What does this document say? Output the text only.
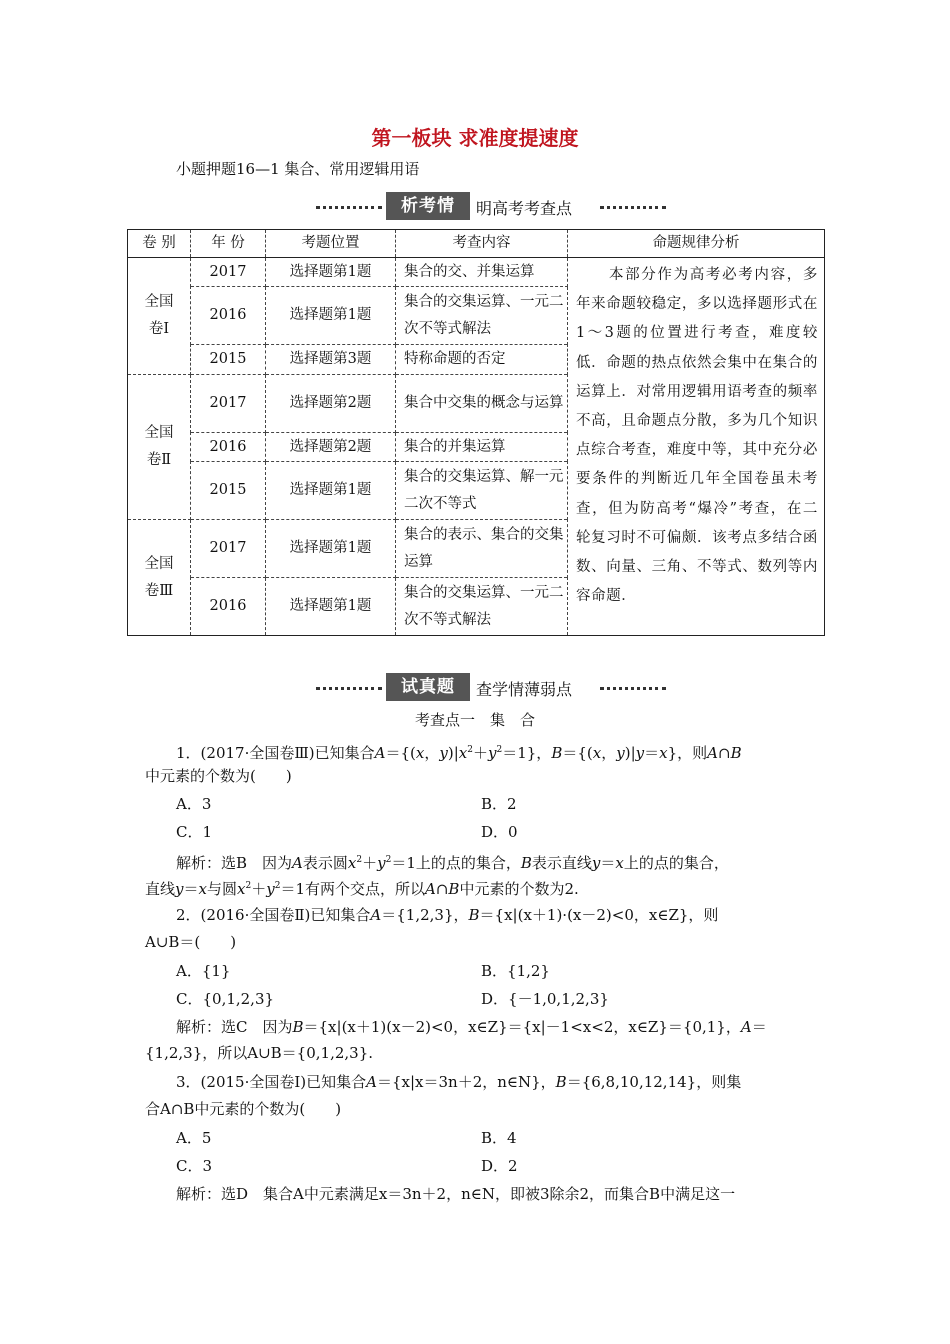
第一板块 求准度提速度
小题押题16—1 集合、常用逻辑用语
析考情	明高考考查点
卷 别	年 份	考题位置	考查内容	命题规律分析
全国
卷Ⅰ	2017	选择题第1题	集合的交、并集运算	本部分作为高考必考内容，多年来命题较稳定，多以选择题形式在1～3题的位置进行考查，难度较低．命题的热点依然会集中在集合的运算上．对常用逻辑用语考查的频率不高，且命题点分散，多为几个知识点综合考查，难度中等，其中充分必要条件的判断近几年全国卷虽未考查，但为防高考“爆冷”考查，在二轮复习时不可偏颇．该考点多结合函数、向量、三角、不等式、数列等内容命题．
	2016	选择题第1题	集合的交集运算、一元二次不等式解法	
	2015	选择题第3题	特称命题的否定	
全国
卷Ⅱ	2017	选择题第2题	集合中交集的概念与运算	
	2016	选择题第2题	集合的并集运算	
	2015	选择题第1题	集合的交集运算、解一元二次不等式	
全国
卷Ⅲ	2017	选择题第1题	集合的表示、集合的交集运算	
	2016	选择题第1题	集合的交集运算、一元二次不等式解法	
试真题	查学情薄弱点
考查点一　集　合
1．(2017·全国卷Ⅲ)已知集合A＝{(x，$y)|x^2+y^2=1$}，B＝{(x，y)|y＝x}，则A∩B
中元素的个数为(　　)
A．3	B．2
C．1	D．0
解析：选B　因为A表示圆$x^2+y^2=1$上的点的集合，B表示直线y＝x上的点的集合，
直线y＝x与圆$x^2+y^2=1$有两个交点，所以A∩B中元素的个数为2.
2．(2016·全国卷Ⅱ)已知集合A＝{1,2,3}，B＝{x|(x＋1)·(x－2)<0，x∈Z}，则
A∪B＝(　　)
A．{1}	B．{1,2}
C．{0,1,2,3}	D．{－1,0,1,2,3}
解析：选C　因为B＝{x|(x＋1)(x－2)<0，x∈Z}＝{x|－1<x<2，x∈Z}＝{0,1}，A＝
{1,2,3}，所以A∪B＝{0,1,2,3}.
3．(2015·全国卷Ⅰ)已知集合A＝{x|x＝3n＋2，n∈N}，B＝{6,8,10,12,14}，则集
合A∩B中元素的个数为(　　)
A．5	B．4
C．3	D．2
解析：选D　集合A中元素满足x＝3n＋2，n∈N，即被3除余2，而集合B中满足这一
